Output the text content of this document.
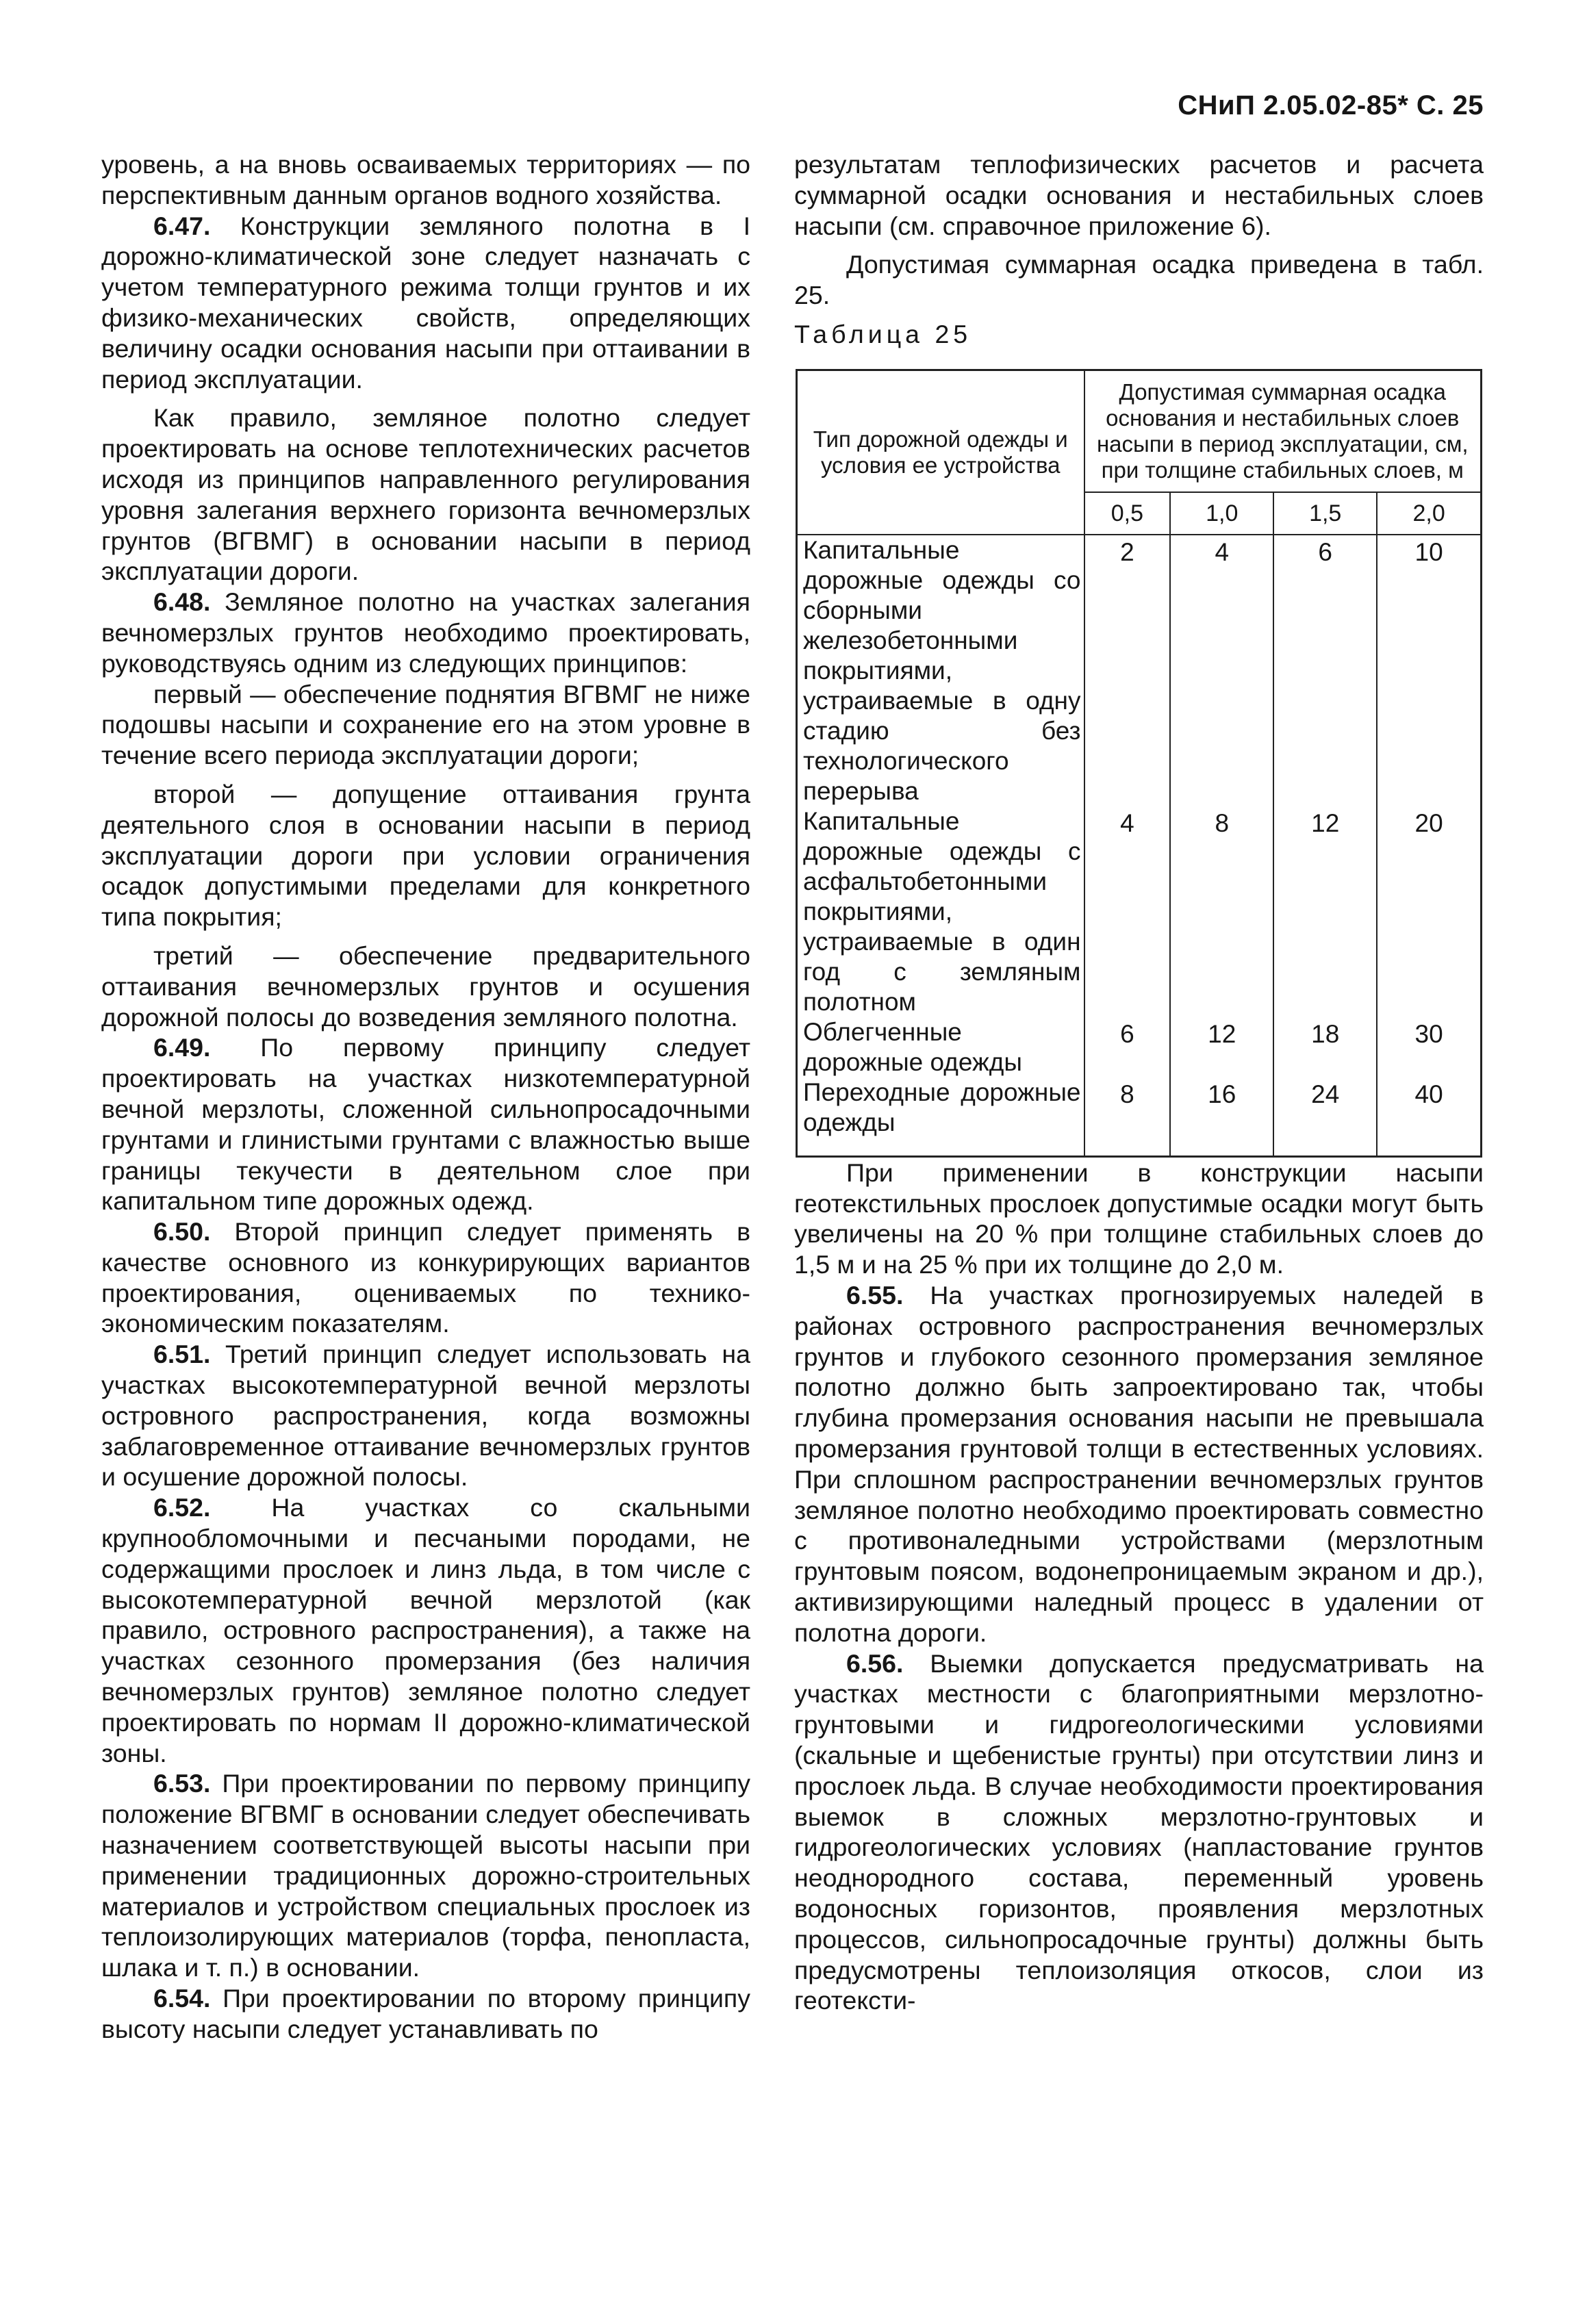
СНиП 2.05.02-85* С. 25

уровень, а на вновь осваиваемых территориях — по перспективным данным органов водного хозяйства.

6.47. Конструкции земляного полотна в I дорожно-климатической зоне следует назначать с учетом температурного режима толщи грунтов и их физико-механических свойств, определяющих величину осадки основания насыпи при оттаивании в период эксплуатации.

Как правило, земляное полотно следует проектировать на основе теплотехнических расчетов исходя из принципов направленного регулирования уровня залегания верхнего горизонта вечномерзлых грунтов (ВГВМГ) в основании насыпи в период эксплуатации дороги.

6.48. Земляное полотно на участках залегания вечномерзлых грунтов необходимо проектировать, руководствуясь одним из следующих принципов:

первый — обеспечение поднятия ВГВМГ не ниже подошвы насыпи и сохранение его на этом уровне в течение всего периода эксплуатации дороги;

второй — допущение оттаивания грунта деятельного слоя в основании насыпи в период эксплуатации дороги при условии ограничения осадок допустимыми пределами для конкретного типа покрытия;

третий — обеспечение предварительного оттаивания вечномерзлых грунтов и осушения дорожной полосы до возведения земляного полотна.

6.49. По первому принципу следует проектировать на участках низкотемпературной вечной мерзлоты, сложенной сильнопросадочными грунтами и глинистыми грунтами с влажностью выше границы текучести в деятельном слое при капитальном типе дорожных одежд.

6.50. Второй принцип следует применять в качестве основного из конкурирующих вариантов проектирования, оцениваемых по технико-экономическим показателям.

6.51. Третий принцип следует использовать на участках высокотемпературной вечной мерзлоты островного распространения, когда возможны заблаговременное оттаивание вечномерзлых грунтов и осушение дорожной полосы.

6.52. На участках со скальными крупнообломочными и песчаными породами, не содержащими прослоек и линз льда, в том числе с высокотемпературной вечной мерзлотой (как правило, островного распространения), а также на участках сезонного промерзания (без наличия вечномерзлых грунтов) земляное полотно следует проектировать по нормам II дорожно-климатической зоны.

6.53. При проектировании по первому принципу положение ВГВМГ в основании следует обеспечивать назначением соответствующей высоты насыпи при применении традиционных дорожно-строительных материалов и устройством специальных прослоек из теплоизолирующих материалов (торфа, пенопласта, шлака и т. п.) в основании.

6.54. При проектировании по второму принципу высоту насыпи следует устанавливать по

результатам теплофизических расчетов и расчета суммарной осадки основания и нестабильных слоев насыпи (см. справочное приложение 6).

Допустимая суммарная осадка приведена в табл. 25.

Таблица 25

Тип дорожной одежды и условия ее устройства	Допустимая суммарная осадка основания и нестабильных слоев насыпи в период эксплуатации, см, при толщине стабильных слоев, м			
	0,5	1,0	1,5	2,0
Капитальные дорожные одежды со сборными железобетонными покрытиями, устраиваемые в одну стадию без технологического перерыва	2	4	6	10
Капитальные дорожные одежды с асфальтобетонными покрытиями, устраиваемые в один год с земляным полотном	4	8	12	20
Облегченные дорожные одежды	6	12	18	30
Переходные дорожные одежды	8	16	24	40

При применении в конструкции насыпи геотекстильных прослоек допустимые осадки могут быть увеличены на 20 % при толщине стабильных слоев до 1,5 м и на 25 % при их толщине до 2,0 м.

6.55. На участках прогнозируемых наледей в районах островного распространения вечномерзлых грунтов и глубокого сезонного промерзания земляное полотно должно быть запроектировано так, чтобы глубина промерзания основания насыпи не превышала промерзания грунтовой толщи в естественных условиях. При сплошном распространении вечномерзлых грунтов земляное полотно необходимо проектировать совместно с противоналедными устройствами (мерзлотным грунтовым поясом, водонепроницаемым экраном и др.), активизирующими наледный процесс в удалении от полотна дороги.

6.56. Выемки допускается предусматривать на участках местности с благоприятными мерзлотно-грунтовыми и гидрогеологическими условиями (скальные и щебенистые грунты) при отсутствии линз и прослоек льда. В случае необходимости проектирования выемок в сложных мерзлотно-грунтовых и гидрогеологических условиях (напластование грунтов неоднородного состава, переменный уровень водоносных горизонтов, проявления мерзлотных процессов, сильнопросадочные грунты) должны быть предусмотрены теплоизоляция откосов, слои из геотексти-
